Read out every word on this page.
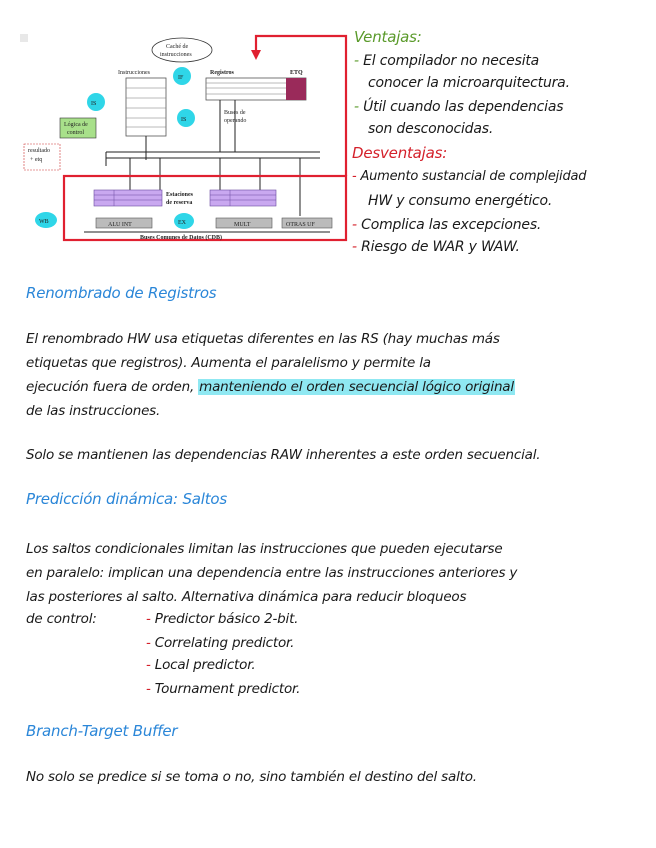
Caché de
instrucciones
Instrucciones
IF
Registros	ETQ
IS
IS
Lógica de
control
Buses de
operando
resultado
+ etq
Estaciones
de reserva
ALU INT	MULT	OTRAS UF
EX
WB
Buses Comunes de Datos (CDB)
Ventajas:
- El compilador no necesita
conocer la microarquitectura.
- Útil cuando las dependencias
son desconocidas.
Desventajas:
- Aumento sustancial de complejidad
HW y consumo energético.
- Complica las excepciones.
- Riesgo de WAR y WAW.
Renombrado de Registros
El renombrado HW usa etiquetas diferentes en las RS (hay muchas más
etiquetas que registros). Aumenta el paralelismo y permite la
ejecución fuera de orden, manteniendo el orden secuencial lógico original
de las instrucciones.
Solo se mantienen las dependencias RAW inherentes a este orden secuencial.
Predicción dinámica: Saltos
Los saltos condicionales limitan las instrucciones que pueden ejecutarse
en paralelo: implican una dependencia entre las instrucciones anteriores y
las posteriores al salto. Alternativa dinámica para reducir bloqueos
de control:	- Predictor básico 2-bit.
- Correlating predictor.
- Local predictor.
- Tournament predictor.
Branch-Target Buffer
No solo se predice si se toma o no, sino también el destino del salto.
